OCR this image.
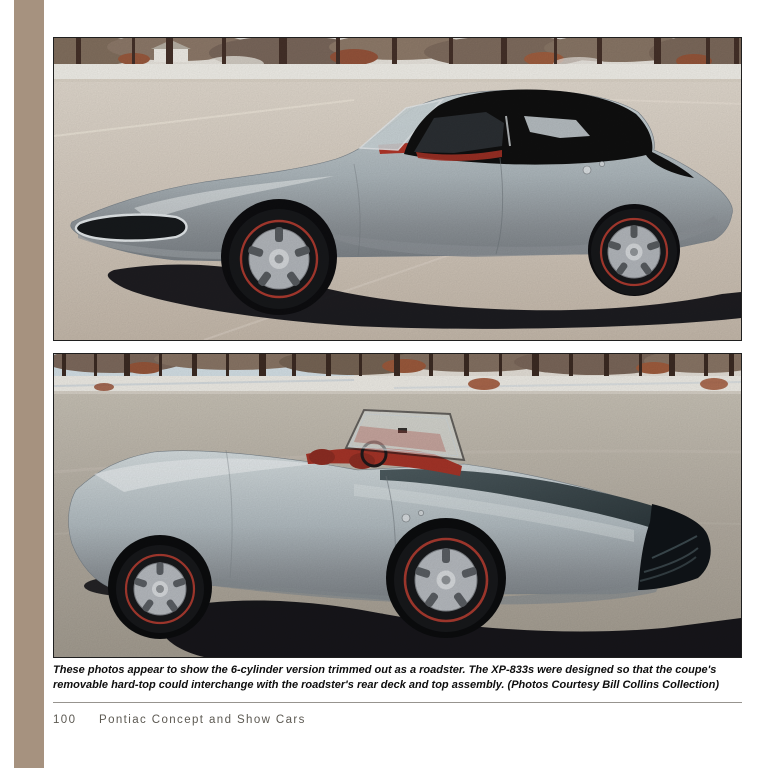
These photos appear to show the 6-cylinder version trimmed out as a roadster. The XP-833s were designed so that the coupe's removable hard-top could interchange with the roadster's rear deck and top assembly. (Photos Courtesy Bill Collins Collection)

100	Pontiac Concept and Show Cars
